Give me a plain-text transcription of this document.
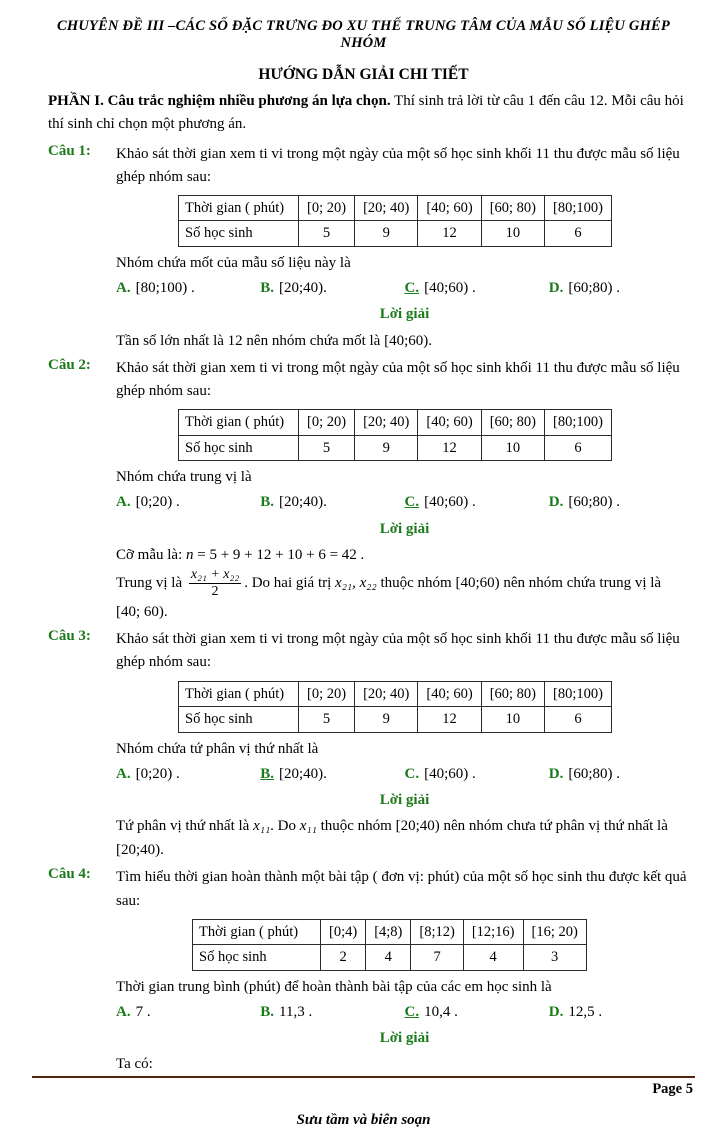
CHUYÊN ĐỀ III –CÁC SỐ ĐẶC TRƯNG ĐO XU THẾ TRUNG TÂM CỦA MẪU SỐ LIỆU GHÉP NHÓM
HƯỚNG DẪN GIẢI CHI TIẾT
PHẦN I. Câu trắc nghiệm nhiều phương án lựa chọn. Thí sinh trả lời từ câu 1 đến câu 12. Mỗi câu hỏi thí sinh chỉ chọn một phương án.
Câu 1:	Khảo sát thời gian xem ti vi trong một ngày của một số học sinh khối 11 thu được mẫu số liệu ghép nhóm sau:
Thời gian ( phút)	[0; 20)	[20; 40)	[40; 60)	[60; 80)	[80;100)
Số học sinh	5	9	12	10	6
Nhóm chứa mốt của mẫu số liệu này là
A. [80;100) .	B. [20;40).	C. [40;60) .	D. [60;80) .
Lời giải
Tần số lớn nhất là 12 nên nhóm chứa mốt là [40;60).
Câu 2:	Khảo sát thời gian xem ti vi trong một ngày của một số học sinh khối 11 thu được mẫu số liệu ghép nhóm sau:
Thời gian ( phút)	[0; 20)	[20; 40)	[40; 60)	[60; 80)	[80;100)
Số học sinh	5	9	12	10	6
Nhóm chứa trung vị là
A. [0;20) .	B. [20;40).	C. [40;60) .	D. [60;80) .
Lời giải
Cỡ mẫu là: n = 5 + 9 + 12 + 10 + 6 = 42 .
Trung vị là $\frac{\text{x₂₁ + x₂₂}}{2}$ . Do hai giá trị x₂₁, x₂₂ thuộc nhóm [40;60) nên nhóm chứa trung vị là
[40; 60).
Câu 3:	Khảo sát thời gian xem ti vi trong một ngày của một số học sinh khối 11 thu được mẫu số liệu ghép nhóm sau:
Thời gian ( phút)	[0; 20)	[20; 40)	[40; 60)	[60; 80)	[80;100)
Số học sinh	5	9	12	10	6
Nhóm chứa tứ phân vị thứ nhất là
A. [0;20) .	B. [20;40).	C. [40;60) .	D. [60;80) .
Lời giải
Tứ phân vị thứ nhất là x₁₁. Do x₁₁ thuộc nhóm [20;40) nên nhóm chưa tứ phân vị thứ nhất là
[20;40).
Câu 4:	Tìm hiểu thời gian hoàn thành một bài tập ( đơn vị: phút) của một số học sinh thu được kết quả sau:
Thời gian ( phút)	[0;4)	[4;8)	[8;12)	[12;16)	[16; 20)
Số học sinh	2	4	7	4	3
Thời gian trung bình (phút) để hoàn thành bài tập của các em học sinh là
A. 7 .	B. 11,3 .	C. 10,4 .	D. 12,5 .
Lời giải
Ta có:
Page 5
Sưu tầm và biên soạn
